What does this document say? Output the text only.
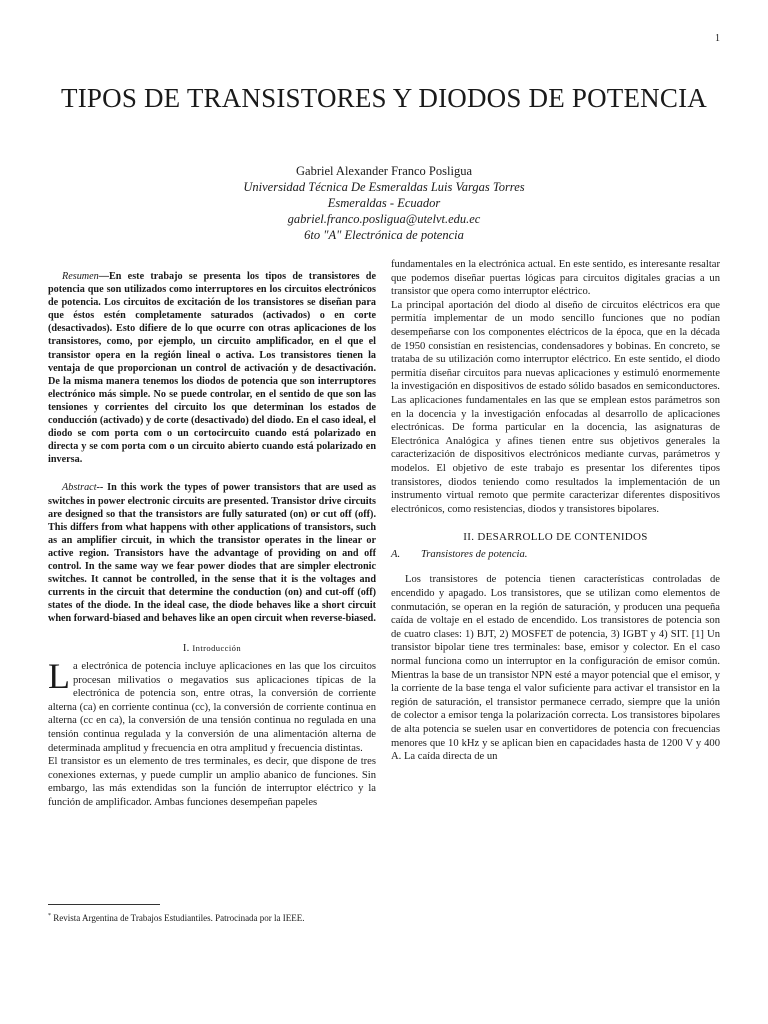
1
TIPOS DE TRANSISTORES Y DIODOS DE POTENCIA
Gabriel Alexander Franco Posligua
Universidad Técnica De Esmeraldas Luis Vargas Torres
Esmeraldas - Ecuador
gabriel.franco.posligua@utelvt.edu.ec
6to "A" Electrónica de potencia

Resumen—En este trabajo se presenta los tipos de transistores de potencia que son utilizados como interruptores en los circuitos electrónicos de potencia. Los circuitos de excitación de los transistores se diseñan para que éstos estén completamente saturados (activados) o en corte (desactivados). Esto difiere de lo que ocurre con otras aplicaciones de los transistores, como, por ejemplo, un circuito amplificador, en el que el transistor opera en la región lineal o activa. Los transistores tienen la ventaja de que proporcionan un control de activación y de desactivación. De la misma manera tenemos los diodos de potencia que son interruptores electrónico más simple. No se puede controlar, en el sentido de que son las tensiones y corrientes del circuito los que determinan los estados de conducción (activado) y de corte (desactivado) del diodo. En el caso ideal, el diodo se com porta com o un cortocircuito cuando está polarizado en directa y se com porta com o un circuito abierto cuando está polarizado en inversa.

Abstract-- In this work the types of power transistors that are used as switches in power electronic circuits are presented. Transistor drive circuits are designed so that the transistors are fully saturated (on) or cut off (off). This differs from what happens with other applications of transistors, such as an amplifier circuit, in which the transistor operates in the linear or active region. Transistors have the advantage of providing on and off control. In the same way we fear power diodes that are simpler electronic switches. It cannot be controlled, in the sense that it is the voltages and currents in the circuit that determine the conduction (on) and cut-off (off) states of the diode. In the ideal case, the diode behaves like a short circuit when forward-biased and behaves like an open circuit when reverse-biased.

I. Introducción

La electrónica de potencia incluye aplicaciones en las que los circuitos procesan milivatios o megavatios sus aplicaciones típicas de la electrónica de potencia son, entre otras, la conversión de corriente alterna (ca) en corriente continua (cc), la conversión de corriente continua en alterna (cc en ca), la conversión de una tensión continua no regulada en una tensión continua regulada y la conversión de una alimentación alterna de determinada amplitud y frecuencia en otra amplitud y frecuencia distintas.

El transistor es un elemento de tres terminales, es decir, que dispone de tres conexiones externas, y puede cumplir un amplio abanico de funciones. Sin embargo, las más extendidas son la función de interruptor eléctrico y la función de amplificador. Ambas funciones desempeñan papeles

* Revista Argentina de Trabajos Estudiantiles. Patrocinada por la IEEE.

fundamentales en la electrónica actual. En este sentido, es interesante resaltar que podemos diseñar puertas lógicas para circuitos digitales gracias a un transistor que opera como interruptor eléctrico.

La principal aportación del diodo al diseño de circuitos eléctricos era que permitía implementar de un modo sencillo funciones que no podían desempeñarse con los componentes eléctricos de la época, que en la década de 1950 consistían en resistencias, condensadores y bobinas. En concreto, se trataba de su utilización como interruptor eléctrico. En este sentido, el diodo permitía diseñar circuitos para nuevas aplicaciones y estimuló enormemente la investigación en dispositivos de estado sólido basados en semiconductores.

Las aplicaciones fundamentales en las que se emplean estos parámetros son en la docencia y la investigación enfocadas al desarrollo de aplicaciones electrónicas. De forma particular en la docencia, las asignaturas de Electrónica Analógica y afines tienen entre sus objetivos generales la caracterización de dispositivos electrónicos mediante curvas, parámetros y modelos. El objetivo de este trabajo es presentar los diferentes tipos transistores, diodos teniendo como resultados la implementación de un instrumento virtual remoto que permite caracterizar diferentes dispositivos electrónicos, como resistencias, diodos y transistores bipolares.

II. DESARROLLO DE CONTENIDOS
A. Transistores de potencia.

Los transistores de potencia tienen características controladas de encendido y apagado. Los transistores, que se utilizan como elementos de conmutación, se operan en la región de saturación, y producen una pequeña caída de voltaje en el estado de encendido. Los transistores de potencia son de cuatro clases: 1) BJT, 2) MOSFET de potencia, 3) IGBT y 4) SIT. [1] Un transistor bipolar tiene tres terminales: base, emisor y colector. En el caso normal funciona como un interruptor en la configuración de emisor común. Mientras la base de un transistor NPN esté a mayor potencial que el emisor, y la corriente de la base tenga el valor suficiente para activar el transistor en la región de saturación, el transistor permanece cerrado, siempre que la unión de colector a emisor tenga la polarización correcta. Los transistores bipolares de alta potencia se suelen usar en convertidores de potencia con frecuencias menores que 10 kHz y se aplican bien en capacidades hasta de 1200 V y 400 A. La caída directa de un
